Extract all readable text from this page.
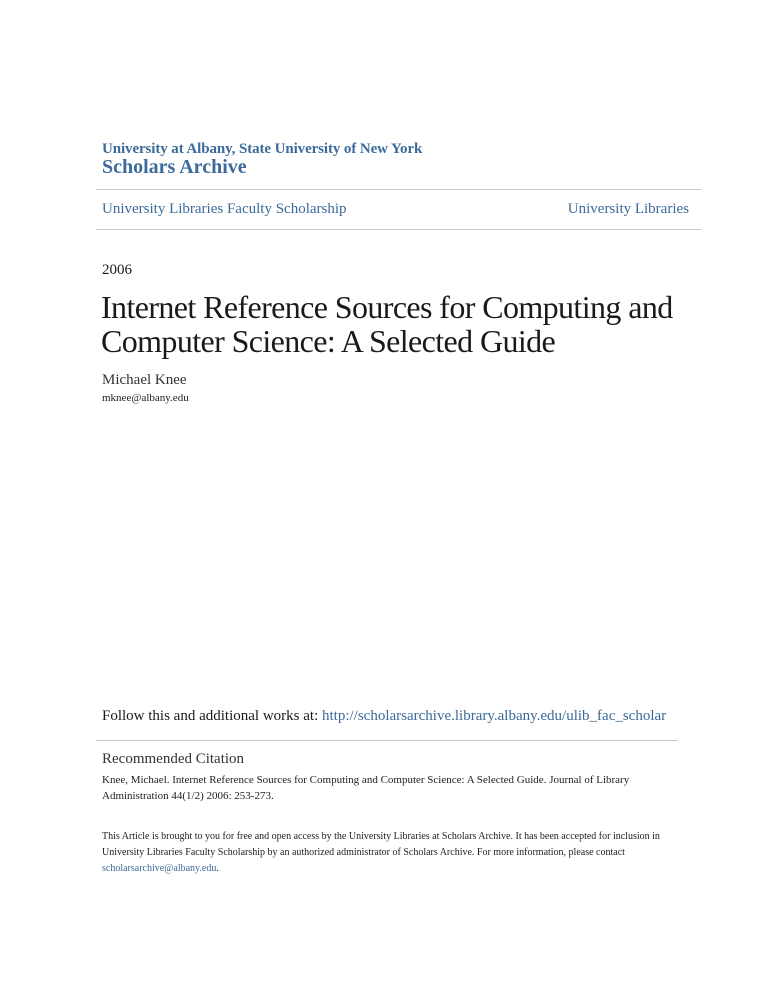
University at Albany, State University of New York
Scholars Archive
University Libraries Faculty Scholarship	University Libraries
2006
Internet Reference Sources for Computing and Computer Science: A Selected Guide
Michael Knee
mknee@albany.edu
Follow this and additional works at: http://scholarsarchive.library.albany.edu/ulib_fac_scholar
Recommended Citation
Knee, Michael. Internet Reference Sources for Computing and Computer Science: A Selected Guide. Journal of Library Administration 44(1/2) 2006: 253-273.
This Article is brought to you for free and open access by the University Libraries at Scholars Archive. It has been accepted for inclusion in University Libraries Faculty Scholarship by an authorized administrator of Scholars Archive. For more information, please contact scholarsarchive@albany.edu.
